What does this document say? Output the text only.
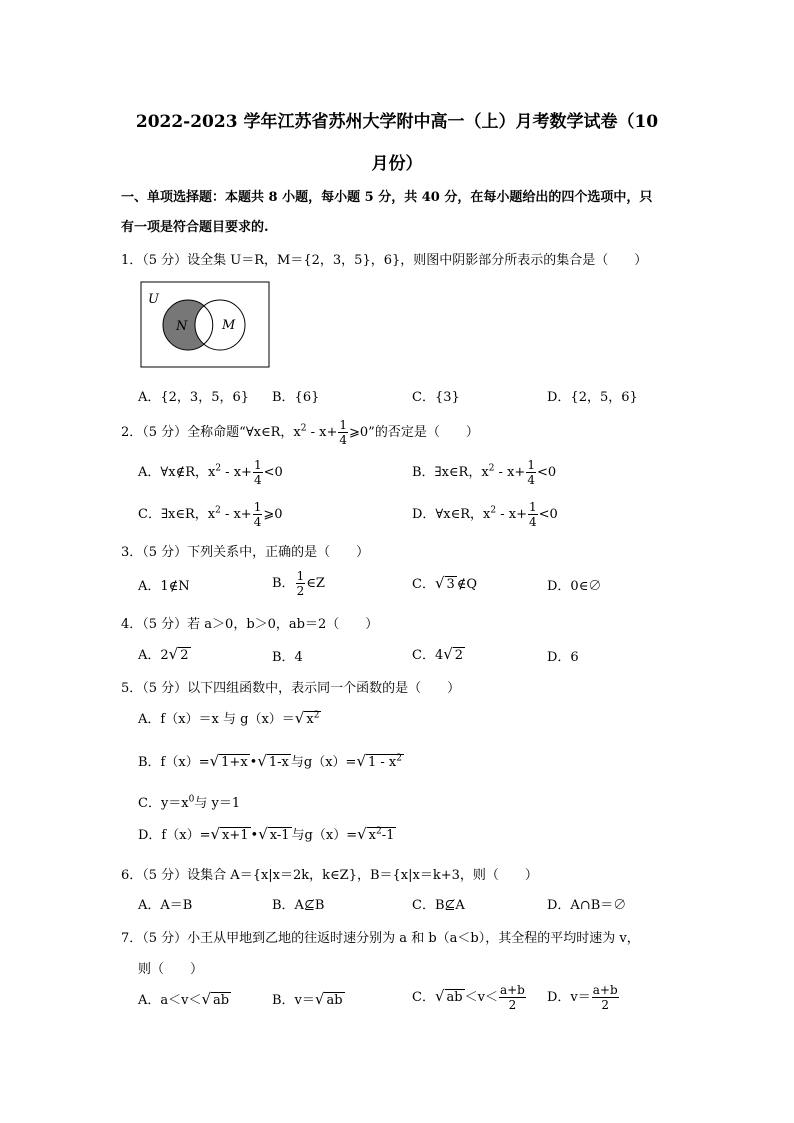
2022-2023 学年江苏省苏州大学附中高一（上）月考数学试卷（10
月份）
一、单项选择题：本题共 8 小题，每小题 5 分，共 40 分，在每小题给出的四个选项中，只
有一项是符合题目要求的.
1．（5 分）设全集 U＝R，M＝{2，3，5}，6}，则图中阴影部分所表示的集合是（　　）
U
N	M
A．{2，3，5，6} B．{6}	C．{3}	D．{2，5，6}
2．（5 分）全称命题“∀x∈R，$x^2 - x+ \frac{1}{4}$ ⩾0”的否定是（　　）
A．∀x∉R，$x^2 - x+ \frac{1}{4} <0$	B．∃x∈R，$x^2 - x+ \frac{1}{4} <0$
C．∃x∈R，$x^2 - x+ \frac{1}{4}$ ⩾0	D．∀x∈R，$x^2 - x+ \frac{1}{4} <0$
3．（5 分）下列关系中，正确的是（　　）
A．1∉N	B． $\frac{1}{2}$ ∈Z	C．√ 3 ∉Q	D．0∈∅
4．（5 分）若 a＞0，b＞0，ab＝2（　　）
A．2√ 2	B．4	C．4√ 2	D．6
5．（5 分）以下四组函数中，表示同一个函数的是（　　）
A．f（x）＝x 与 g（x）＝√ $x^2$
B．f（x）=√ 1+x •√ 1-x 与g（x）=√ $1 - x^2$
C．$y=x^0$与 y＝1
D．f（x）=√ x+1 •√ x-1 与g（x）=√ $x^2-1$
6．（5 分）设集合 A＝{x|x＝2k，k∈Z}，B＝{x|x＝k+3，则（　　）
A．A＝B	B．A⊈B	C．B⊈A	D．A∩B＝∅
7．（5 分）小王从甲地到乙地的往返时速分别为 a 和 b（a＜b），其全程的平均时速为 v，
则（　　）
A．a＜v＜√ ab	B．v＝√ ab	C．√ ab $<v< \frac{a+b}{2}$ D．$v= \frac{a+b}{2}$
